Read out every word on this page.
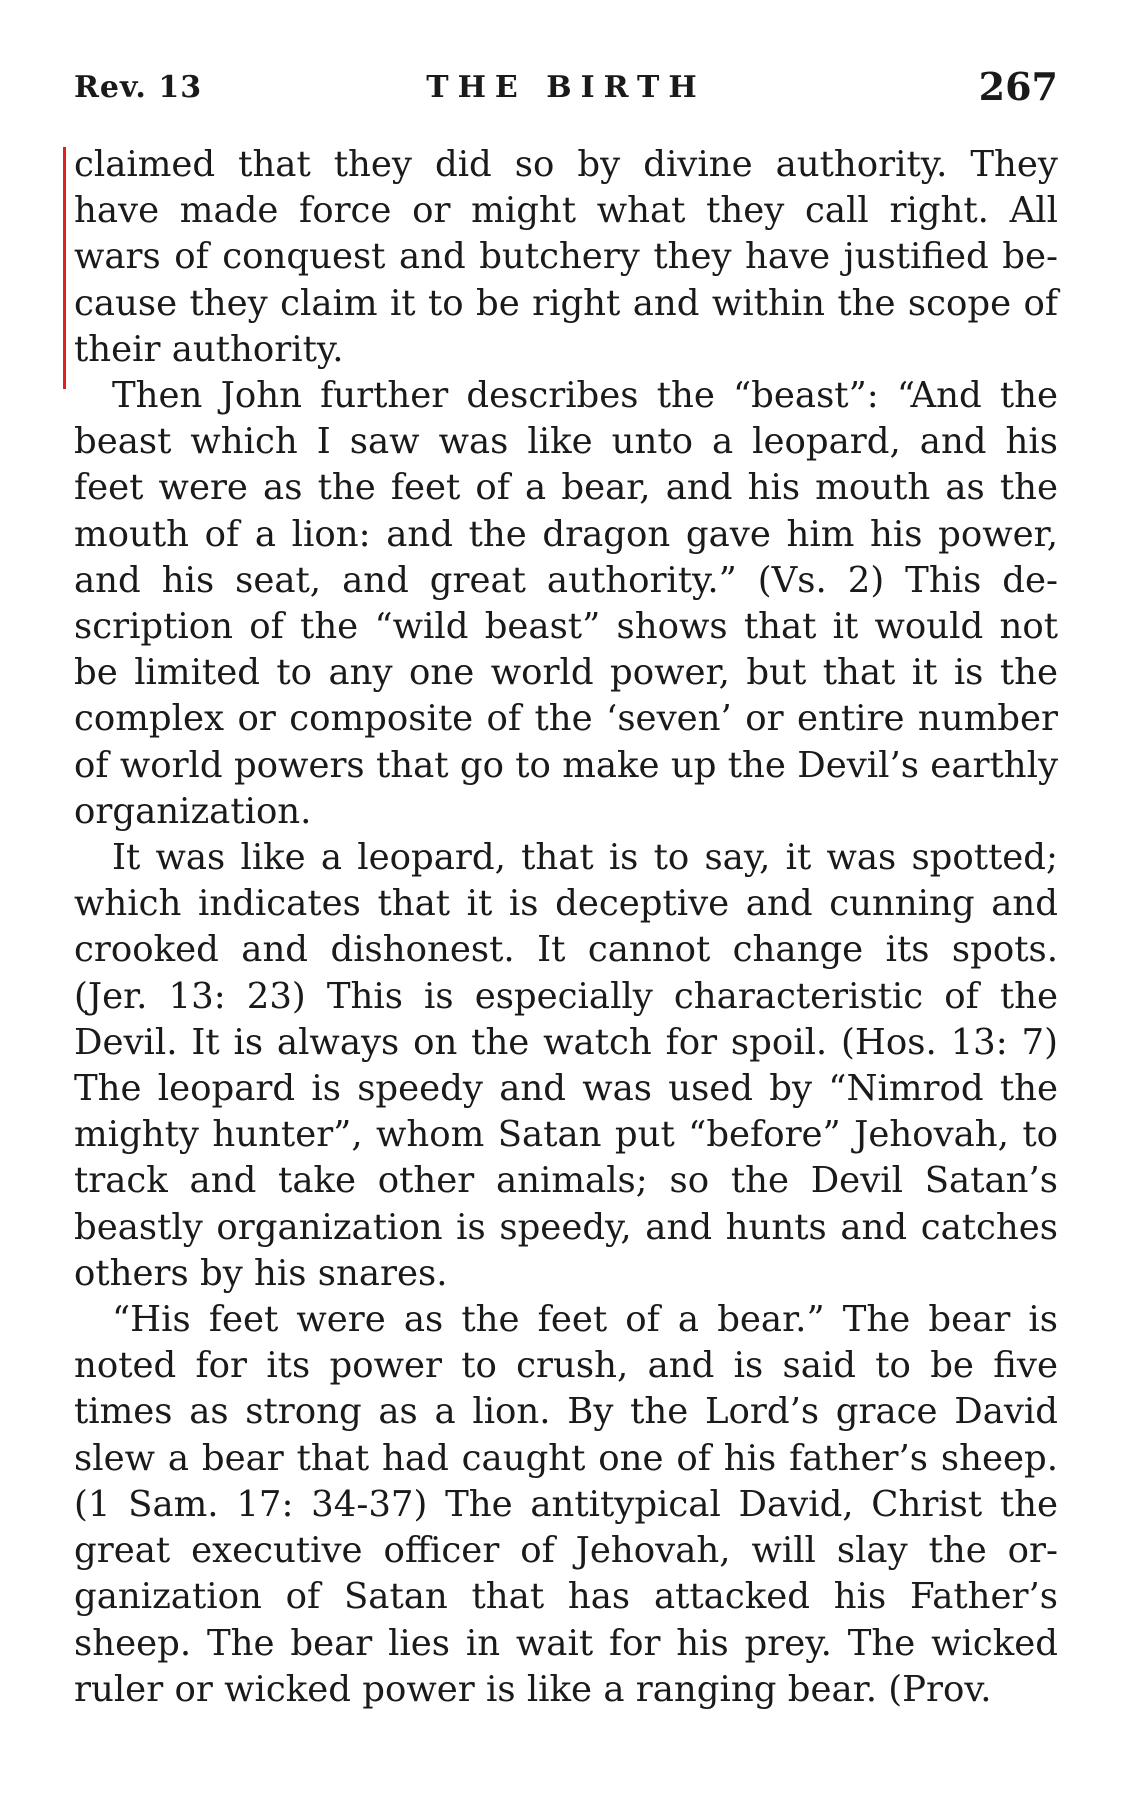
Rev. 13	THE BIRTH	267

claimed that they did so by divine authority. They have made force or might what they call right. All wars of conquest and butchery they have justified because they claim it to be right and within the scope of their authority.

Then John further describes the “beast”: “And the beast which I saw was like unto a leopard, and his feet were as the feet of a bear, and his mouth as the mouth of a lion: and the dragon gave him his power, and his seat, and great authority.” (Vs. 2) This description of the “wild beast” shows that it would not be limited to any one world power, but that it is the complex or composite of the ‘seven’ or entire number of world powers that go to make up the Devil’s earthly organization.

It was like a leopard, that is to say, it was spotted; which indicates that it is deceptive and cunning and crooked and dishonest. It cannot change its spots. (Jer. 13: 23) This is especially characteristic of the Devil. It is always on the watch for spoil. (Hos. 13: 7) The leopard is speedy and was used by “Nimrod the mighty hunter”, whom Satan put “before” Jehovah, to track and take other animals; so the Devil Satan’s beastly organization is speedy, and hunts and catches others by his snares.

“His feet were as the feet of a bear.” The bear is noted for its power to crush, and is said to be five times as strong as a lion. By the Lord’s grace David slew a bear that had caught one of his father’s sheep. (1 Sam. 17: 34-37) The antitypical David, Christ the great executive officer of Jehovah, will slay the organization of Satan that has attacked his Father’s sheep. The bear lies in wait for his prey. The wicked ruler or wicked power is like a ranging bear. (Prov.
